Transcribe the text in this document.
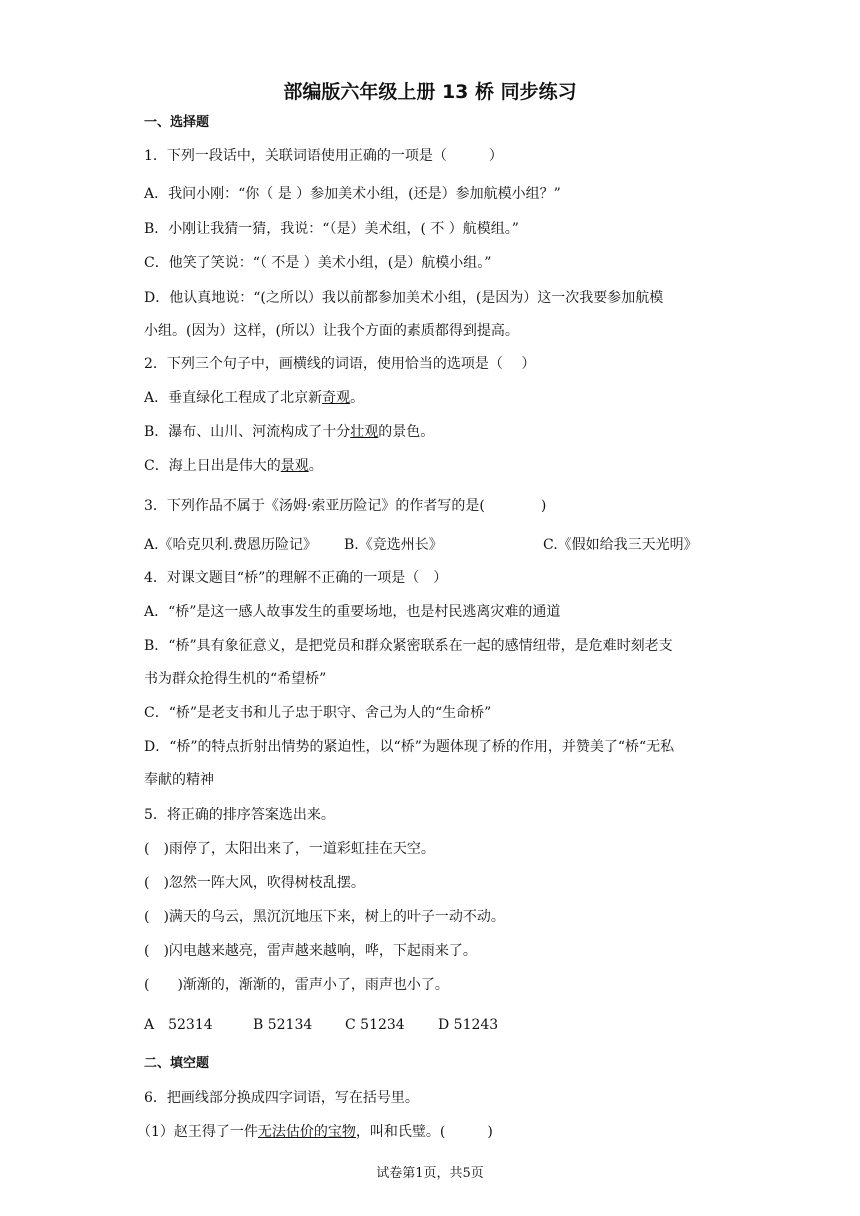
部编版六年级上册 13 桥 同步练习
一、选择题
1．下列一段话中，关联词语使用正确的一项是（　　　）
A．我问小刚：“你（ 是 ）参加美术小组，(还是）参加航模小组？”
B．小刚让我猜一猜，我说：“（是）美术组，( 不 ）航模组。”
C．他笑了笑说：“（ 不是 ）美术小组，(是）航模小组。”
D．他认真地说：“(之所以）我以前都参加美术小组，(是因为）这一次我要参加航模
小组。(因为）这样，(所以）让我个方面的素质都得到提高。
2．下列三个句子中，画横线的词语，使用恰当的选项是（　 ）
A．垂直绿化工程成了北京新奇观。
B．瀑布、山川、河流构成了十分壮观的景色。
C．海上日出是伟大的景观。
3．下列作品不属于《汤姆·索亚历险记》的作者写的是(　　　　)
A.《哈克贝利.费恩历险记》 B.《竞选州长》	C.《假如给我三天光明》
4．对课文题目“桥”的理解不正确的一项是（　）
A．“桥”是这一感人故事发生的重要场地，也是村民逃离灾难的通道
B．“桥”具有象征意义，是把党员和群众紧密联系在一起的感情纽带，是危难时刻老支
书为群众抢得生机的“希望桥”
C．“桥”是老支书和儿子忠于职守、舍己为人的“生命桥”
D．“桥”的特点折射出情势的紧迫性，以“桥”为题体现了桥的作用，并赞美了“桥“无私
奉献的精神
5．将正确的排序答案选出来。
(　)雨停了，太阳出来了，一道彩虹挂在天空。
(　)忽然一阵大风，吹得树枝乱摆。
(　)满天的乌云，黑沉沉地压下来，树上的叶子一动不动。
(　)闪电越来越亮，雷声越来越响，哗，下起雨来了。
(　　)渐渐的，渐渐的，雷声小了，雨声也小了。
A　52314	B 52134 C 51234 D 51243
二、填空题
6．把画线部分换成四字词语，写在括号里。
（1）赵王得了一件无法估价的宝物，叫和氏璧。(　　　)
试卷第1页，共5页
